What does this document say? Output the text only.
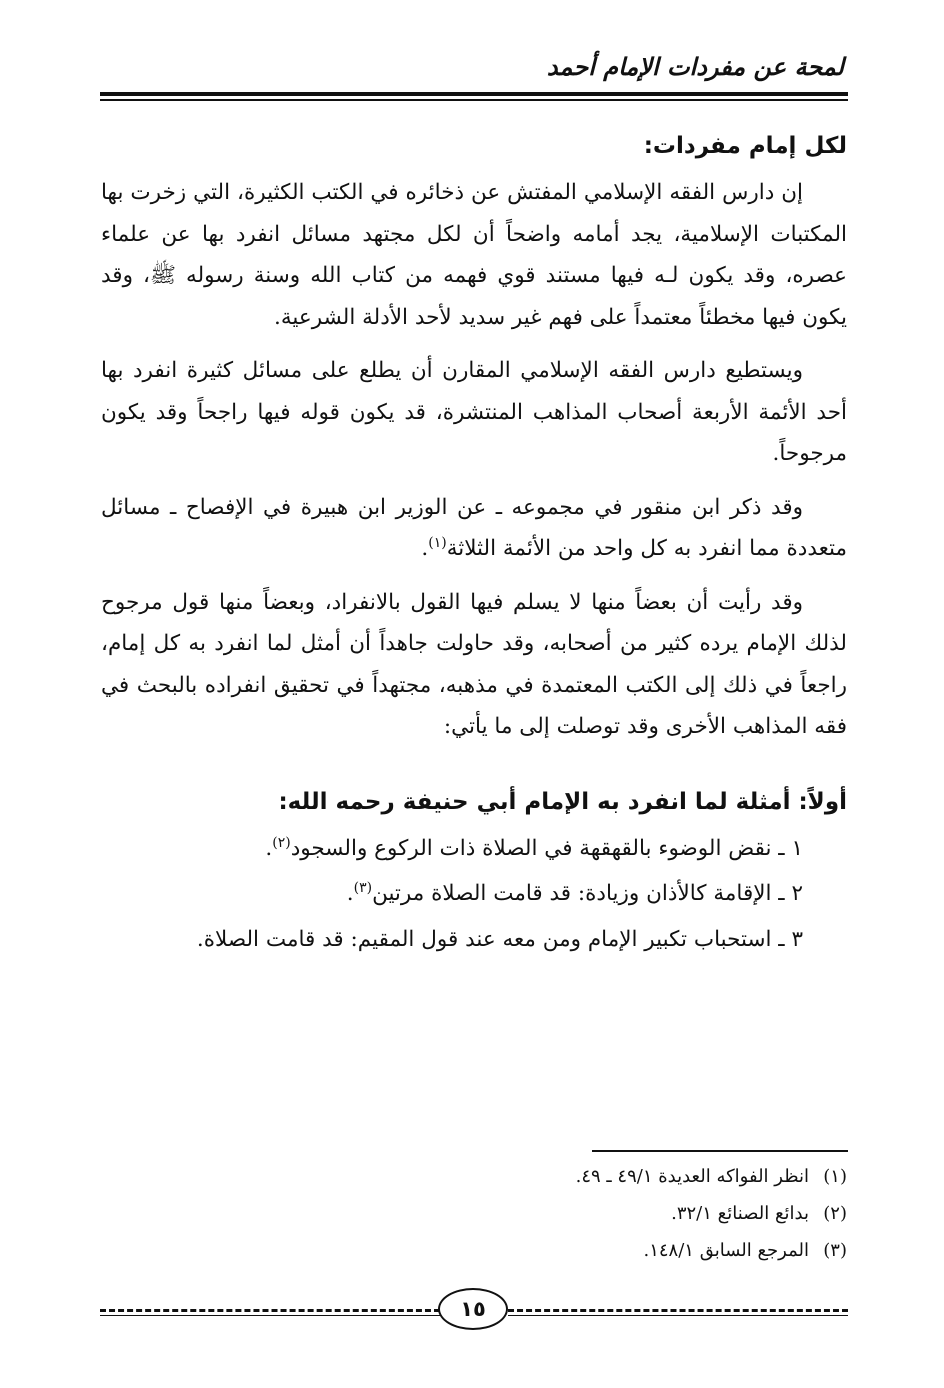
لمحة عن مفردات الإمام أحمد
لكل إمام مفردات:

إن دارس الفقه الإسلامي المفتش عن ذخائره في الكتب الكثيرة، التي زخرت بها المكتبات الإسلامية، يجد أمامه واضحاً أن لكل مجتهد مسائل انفرد بها عن علماء عصره، وقد يكون لـه فيها مستند قوي فهمه من كتاب الله وسنة رسوله ﷺ، وقد يكون فيها مخطئاً معتمداً على فهم غير سديد لأحد الأدلة الشرعية.

ويستطيع دارس الفقه الإسلامي المقارن أن يطلع على مسائل كثيرة انفرد بها أحد الأئمة الأربعة أصحاب المذاهب المنتشرة، قد يكون قوله فيها راجحاً وقد يكون مرجوحاً.

وقد ذكر ابن منقور في مجموعه ـ عن الوزير ابن هبيرة في الإفصاح ـ مسائل متعددة مما انفرد به كل واحد من الأئمة الثلاثة$^{(١)}$.

وقد رأيت أن بعضاً منها لا يسلم فيها القول بالانفراد، وبعضاً منها قول مرجوح لذلك الإمام يرده كثير من أصحابه، وقد حاولت جاهداً أن أمثل لما انفرد به كل إمام، راجعاً في ذلك إلى الكتب المعتمدة في مذهبه، مجتهداً في تحقيق انفراده بالبحث في فقه المذاهب الأخرى وقد توصلت إلى ما يأتي:

أولاً: أمثلة لما انفرد به الإمام أبي حنيفة رحمه الله:

١ ـ نقض الوضوء بالقهقهة في الصلاة ذات الركوع والسجود$^{(٢)}$.

٢ ـ الإقامة كالأذان وزيادة: قد قامت الصلاة مرتين$^{(٣)}$.

٣ ـ استحباب تكبير الإمام ومن معه عند قول المقيم: قد قامت الصلاة.

(١)انظر الفواكه العديدة ٤٩/١ ـ ٤٩.
(٢)بدائع الصنائع ٣٢/١.
(٣)المرجع السابق ١٤٨/١.
١٥
